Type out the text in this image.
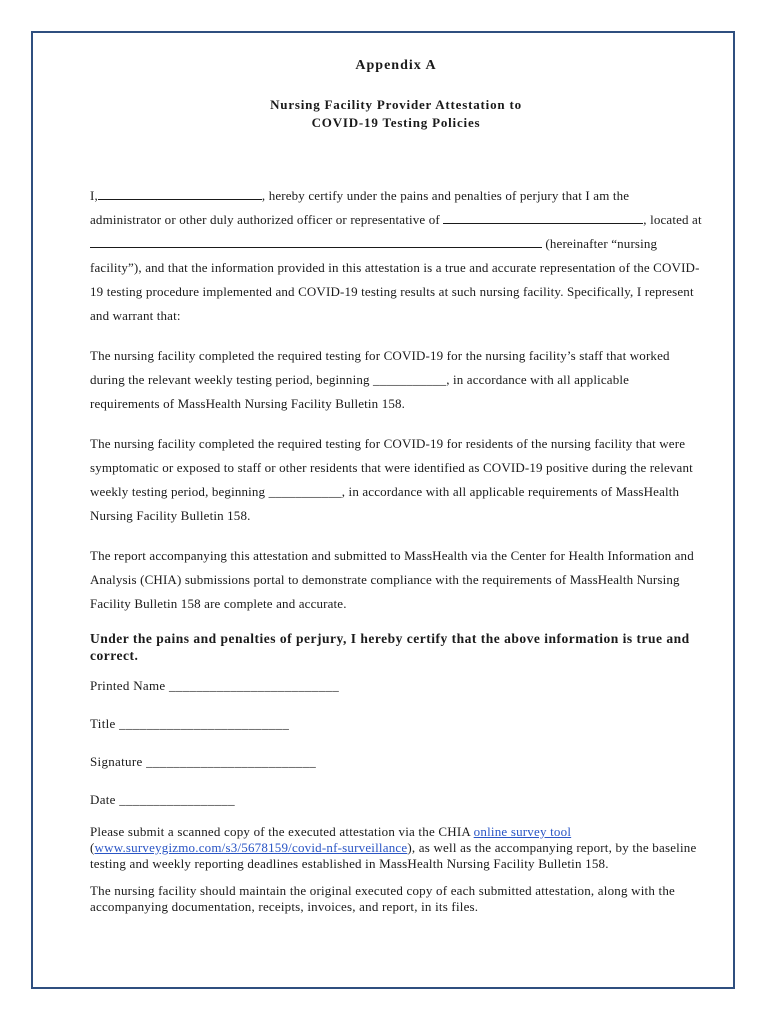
Appendix A

Nursing Facility Provider Attestation to
COVID-19 Testing Policies

I,	, hereby certify under the pains and penalties of perjury that I am the administrator or other duly authorized officer or representative of	, located at  (hereinafter “nursing facility”), and that the information provided in this attestation is a true and accurate representation of the COVID-19 testing procedure implemented and COVID-19 testing results at such nursing facility. Specifically, I represent and warrant that:

The nursing facility completed the required testing for COVID-19 for the nursing facility’s staff that worked during the relevant weekly testing period, beginning ___________, in accordance with all applicable requirements of MassHealth Nursing Facility Bulletin 158.

The nursing facility completed the required testing for COVID-19 for residents of the nursing facility that were symptomatic or exposed to staff or other residents that were identified as COVID-19 positive during the relevant weekly testing period, beginning ___________, in accordance with all applicable requirements of MassHealth Nursing Facility Bulletin 158.

The report accompanying this attestation and submitted to MassHealth via the Center for Health Information and Analysis (CHIA) submissions portal to demonstrate compliance with the requirements of MassHealth Nursing Facility Bulletin 158 are complete and accurate.

Under the pains and penalties of perjury, I hereby certify that the above information is true and correct.

Printed Name _________________________

Title _________________________

Signature _________________________

Date _________________

Please submit a scanned copy of the executed attestation via the CHIA online survey tool (www.surveygizmo.com/s3/5678159/covid-nf-surveillance), as well as the accompanying report, by the baseline testing and weekly reporting deadlines established in MassHealth Nursing Facility Bulletin 158.

The nursing facility should maintain the original executed copy of each submitted attestation, along with the accompanying documentation, receipts, invoices, and report, in its files.
